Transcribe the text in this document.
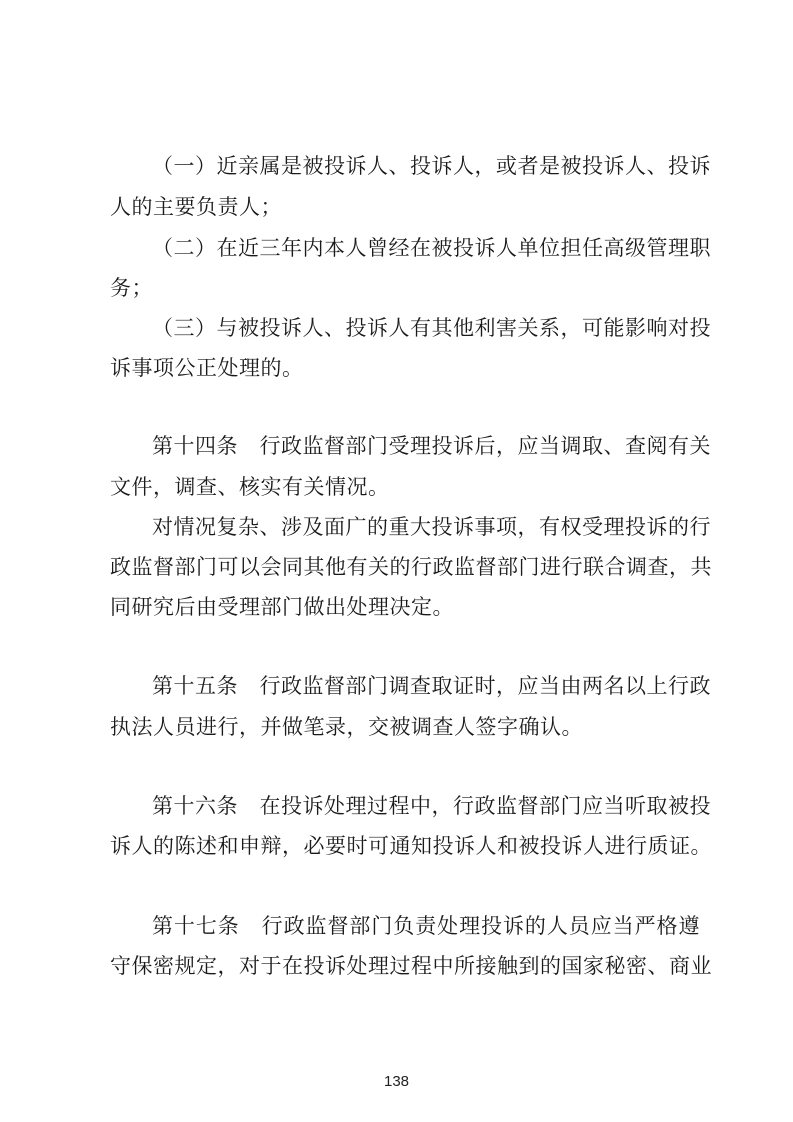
（一）近亲属是被投诉人、投诉人，或者是被投诉人、投诉
人的主要负责人；
（二）在近三年内本人曾经在被投诉人单位担任高级管理职
务；
（三）与被投诉人、投诉人有其他利害关系，可能影响对投
诉事项公正处理的。
第十四条　行政监督部门受理投诉后，应当调取、查阅有关
文件，调查、核实有关情况。
对情况复杂、涉及面广的重大投诉事项，有权受理投诉的行
政监督部门可以会同其他有关的行政监督部门进行联合调查，共
同研究后由受理部门做出处理决定。
第十五条　行政监督部门调查取证时，应当由两名以上行政
执法人员进行，并做笔录，交被调查人签字确认。
第十六条　在投诉处理过程中，行政监督部门应当听取被投
诉人的陈述和申辩，必要时可通知投诉人和被投诉人进行质证。
第十七条　行政监督部门负责处理投诉的人员应当严格遵
守保密规定，对于在投诉处理过程中所接触到的国家秘密、商业
138
